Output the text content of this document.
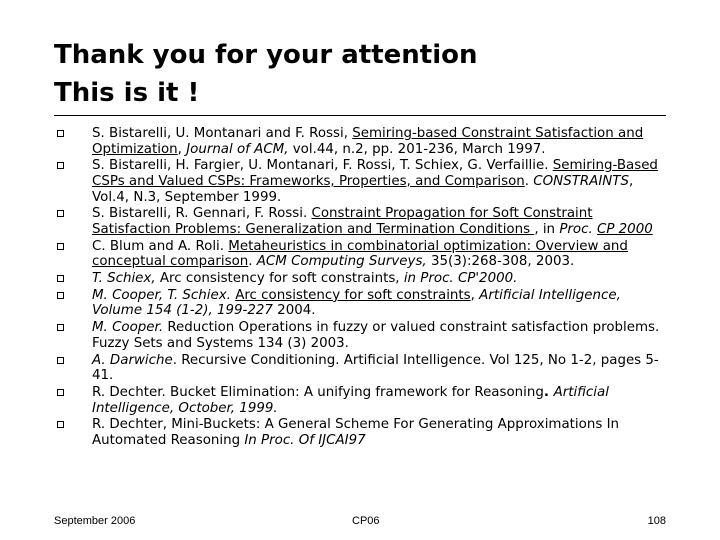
Thank you for your attention
This is it !
S. Bistarelli, U. Montanari and F. Rossi, Semiring-based Constraint Satisfaction and Optimization, Journal of ACM, vol.44, n.2, pp. 201-236, March 1997.
S. Bistarelli, H. Fargier, U. Montanari, F. Rossi, T. Schiex, G. Verfaillie. Semiring-Based CSPs and Valued CSPs: Frameworks, Properties, and Comparison. CONSTRAINTS, Vol.4, N.3, September 1999.
S. Bistarelli, R. Gennari, F. Rossi. Constraint Propagation for Soft Constraint Satisfaction Problems: Generalization and Termination Conditions , in Proc. CP 2000
C. Blum and A. Roli. Metaheuristics in combinatorial optimization: Overview and conceptual comparison. ACM Computing Surveys, 35(3):268-308, 2003.
T. Schiex, Arc consistency for soft constraints, in Proc. CP'2000.
M. Cooper, T. Schiex. Arc consistency for soft constraints, Artificial Intelligence, Volume 154 (1-2), 199-227 2004.
M. Cooper. Reduction Operations in fuzzy or valued constraint satisfaction problems. Fuzzy Sets and Systems 134 (3) 2003.
A. Darwiche. Recursive Conditioning. Artificial Intelligence. Vol 125, No 1-2, pages 5-41.
R. Dechter. Bucket Elimination: A unifying framework for Reasoning. Artificial Intelligence, October, 1999.
R. Dechter, Mini-Buckets: A General Scheme For Generating Approximations In Automated Reasoning In Proc. Of IJCAI97
September 2006	CP06	108
